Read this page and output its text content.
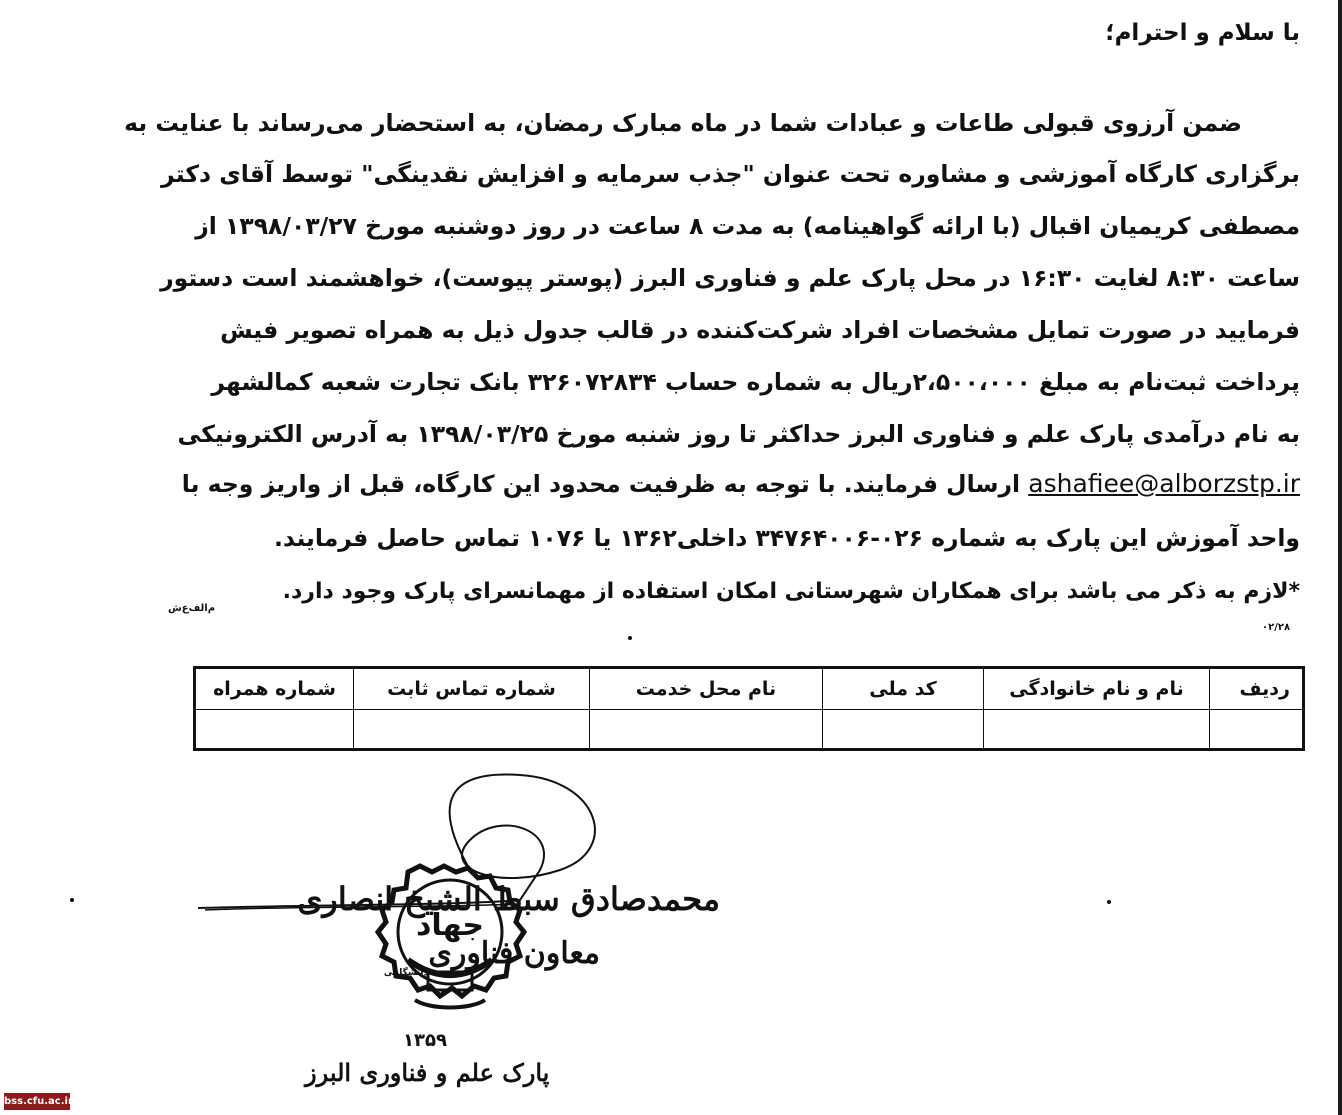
با سلام و احترام؛
ضمن آرزوی قبولی طاعات و عبادات شما در ماه مبارک رمضان، به استحضار می‌رساند با عنایت به
برگزاری کارگاه آموزشی و مشاوره تحت عنوان "جذب سرمایه و افزایش نقدینگی" توسط آقای دکتر
مصطفی کریمیان اقبال (با ارائه گواهینامه) به مدت ۸ ساعت در روز دوشنبه مورخ ۱۳۹۸/۰۳/۲۷ از
ساعت ۸:۳۰ لغایت ۱۶:۳۰ در محل پارک علم و فناوری البرز (پوستر پیوست)، خواهشمند است دستور
فرمایید در صورت تمایل مشخصات افراد شرکت‌کننده در قالب جدول ذیل به همراه تصویر فیش
پرداخت ثبت‌نام به مبلغ ۲،۵۰۰،۰۰۰ریال به شماره حساب ۳۲۶۰۷۲۸۳۴ بانک تجارت شعبه کمالشهر
به نام درآمدی پارک علم و فناوری البرز حداکثر تا روز شنبه مورخ ۱۳۹۸/۰۳/۲۵ به آدرس الکترونیکی
ashafiee@alborzstp.ir ارسال فرمایند. با توجه به ظرفیت محدود این کارگاه، قبل از واریز وجه با
واحد آموزش این پارک به شماره ۰۲۶-۳۴۷۶۴۰۰۶ داخلی۱۳۶۲ یا ۱۰۷۶ تماس حاصل فرمایند.
*لازم به ذکر می باشد برای همکاران شهرستانی امکان استفاده از مهمانسرای پارک وجود دارد.
م‌الف‌ع‌ش
۰۲/۲۸
ردیف	نام و نام خانوادگی	کد ملی	نام محل خدمت	شماره تماس ثابت	شماره همراه

جهاد
دانشگاهی
محمدصادق سبط الشیخ انصاری
معاون فناوری
۱۳۵۹
پارک علم و فناوری البرز
bss.cfu.ac.ir
